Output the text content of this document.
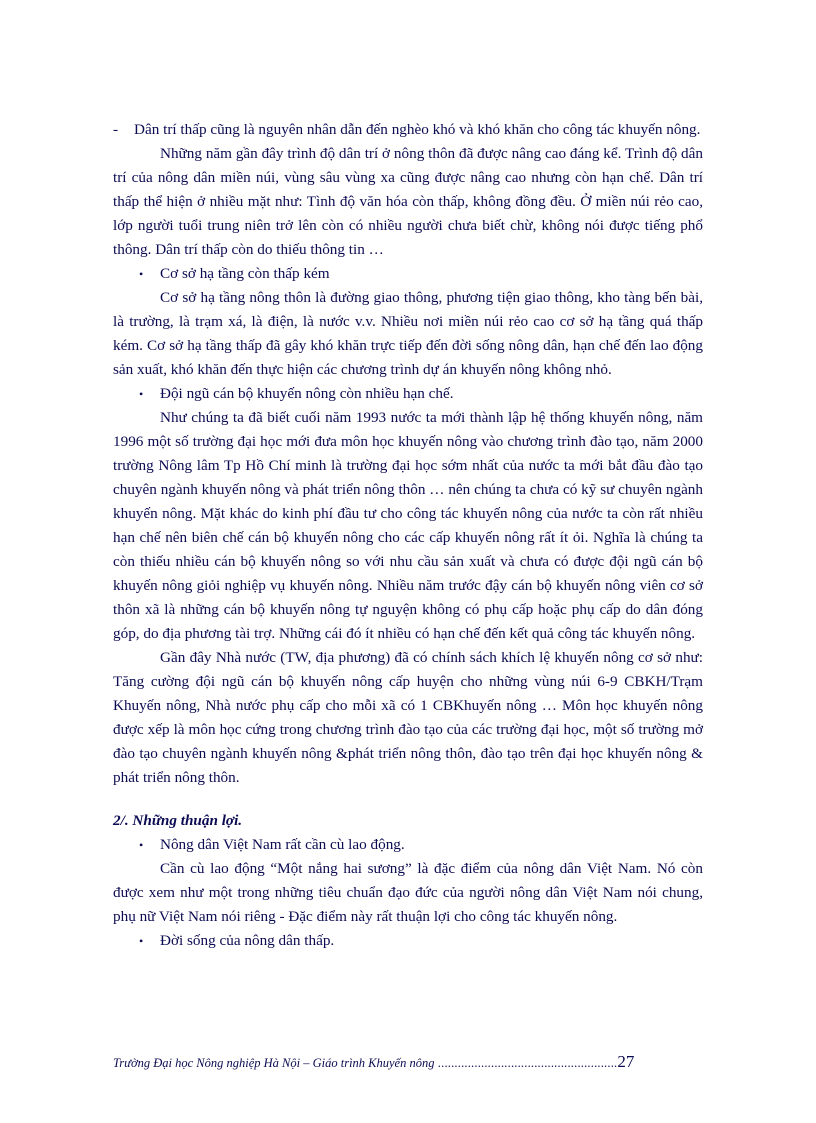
- Dân trí thấp cũng là nguyên nhân dẫn đến nghèo khó và khó khăn cho công tác khuyến nông.

Những năm gần đây trình độ dân trí ở nông thôn đã được nâng cao đáng kể. Trình độ dân trí của nông dân miền núi, vùng sâu vùng xa cũng được nâng cao nhưng còn hạn chế. Dân trí thấp thể hiện ở nhiều mặt như: Tình độ văn hóa còn thấp, không đồng đều. Ở miền núi rẻo cao, lớp người tuổi trung niên trở lên còn có nhiều người chưa biết chừ, không nói được tiếng phổ thông. Dân trí thấp còn do thiếu thông tin …

• Cơ sở hạ tầng còn thấp kém

Cơ sở hạ tầng nông thôn là đường giao thông, phương tiện giao thông, kho tàng bến bài, là trường, là trạm xá, là điện, là nước v.v. Nhiều nơi miền núi rẻo cao cơ sở hạ tầng quá thấp kém. Cơ sở hạ tầng thấp đã gây khó khăn trực tiếp đến đời sống nông dân, hạn chế đến lao động sản xuất, khó khăn đến thực hiện các chương trình dự án khuyến nông không nhỏ.

• Đội ngũ cán bộ khuyến nông còn nhiều hạn chế.

Như chúng ta đã biết cuối năm 1993 nước ta mới thành lập hệ thống khuyến nông, năm 1996 một số trường đại học mới đưa môn học khuyến nông vào chương trình đào tạo, năm 2000 trường Nông lâm Tp Hồ Chí minh là trường đại học sớm nhất của nước ta mới bắt đầu đào tạo chuyên ngành khuyến nông và phát triển nông thôn … nên chúng ta chưa có kỹ sư chuyên ngành khuyến nông. Mặt khác do kinh phí đầu tư cho công tác khuyến nông của nước ta còn rất nhiều hạn chế nên biên chế cán bộ khuyến nông cho các cấp khuyến nông rất ít ỏi. Nghĩa là chúng ta còn thiếu nhiều cán bộ khuyến nông so với nhu cầu sản xuất và chưa có được đội ngũ cán bộ khuyến nông giỏi nghiệp vụ khuyến nông. Nhiều năm trước đậy cán bộ khuyến nông viên cơ sở thôn xã là những cán bộ khuyến nông tự nguyện không có phụ cấp hoặc phụ cấp do dân đóng góp, do địa phương tài trợ. Những cái đó ít nhiều có hạn chế đến kết quả công tác khuyến nông.

Gần đây Nhà nước (TW, địa phương) đã có chính sách khích lệ khuyến nông cơ sở như: Tăng cường đội ngũ cán bộ khuyến nông cấp huyện cho những vùng núi 6-9 CBKH/Trạm Khuyến nông, Nhà nước phụ cấp cho mỗi xã có 1 CBKhuyến nông … Môn học khuyến nông được xếp là môn học cứng trong chương trình đào tạo của các trường đại học, một số trường mở đào tạo chuyên ngành khuyến nông &phát triển nông thôn, đào tạo trên đại học khuyến nông & phát triển nông thôn.

2/. Những thuận lợi.

• Nông dân Việt Nam rất cần cù lao động.

Cần cù lao động “Một nắng hai sương” là đặc điểm của nông dân Việt Nam. Nó còn được xem như một trong những tiêu chuẩn đạo đức của người nông dân Việt Nam nói chung, phụ nữ Việt Nam nói riêng - Đặc điểm này rất thuận lợi cho công tác khuyến nông.

• Đời sống của nông dân thấp.

Trường Đại học Nông nghiệp Hà Nội – Giáo trình Khuyến nông ......................................................27
